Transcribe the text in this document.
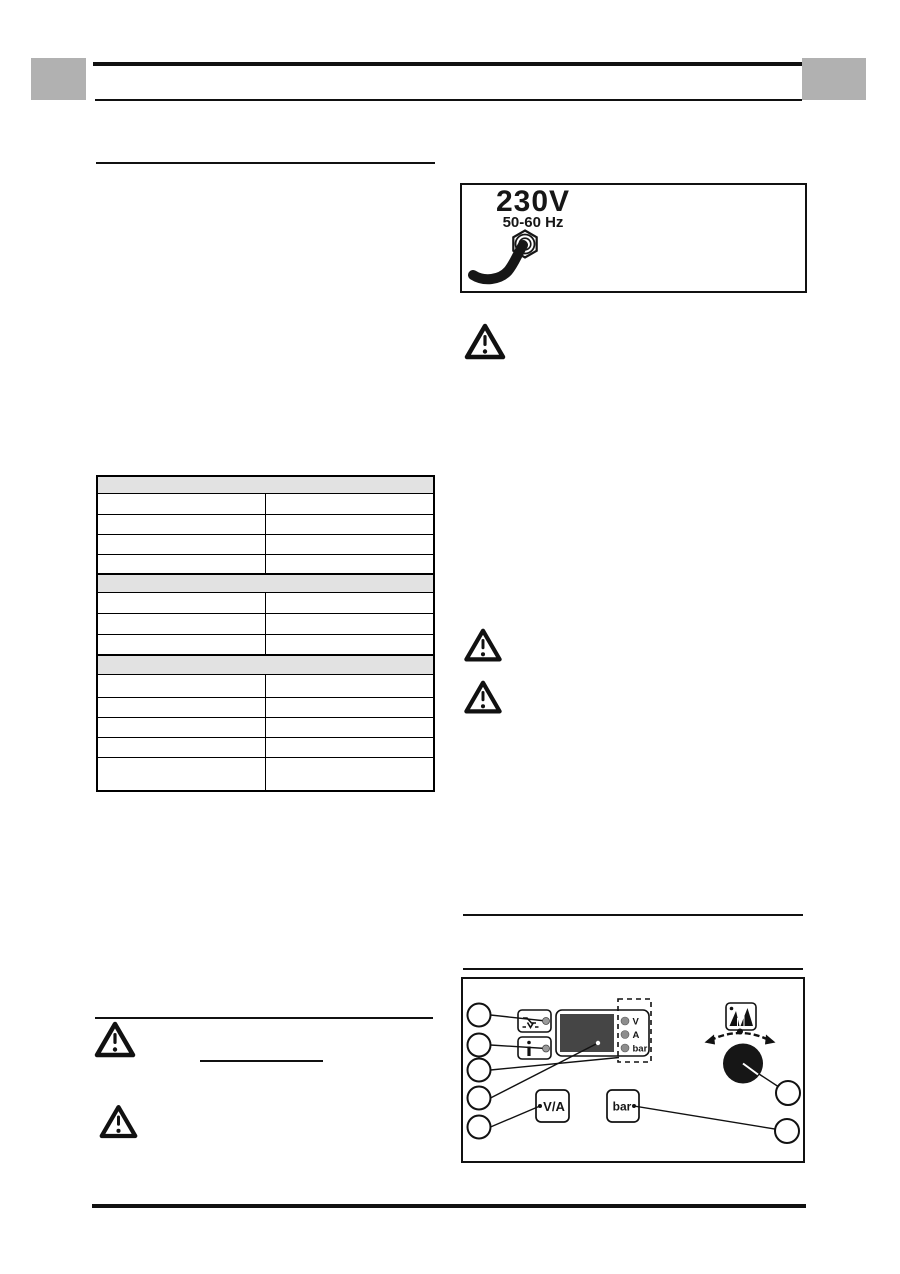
230V
50-60 Hz
V
A
bar
V/A	bar
